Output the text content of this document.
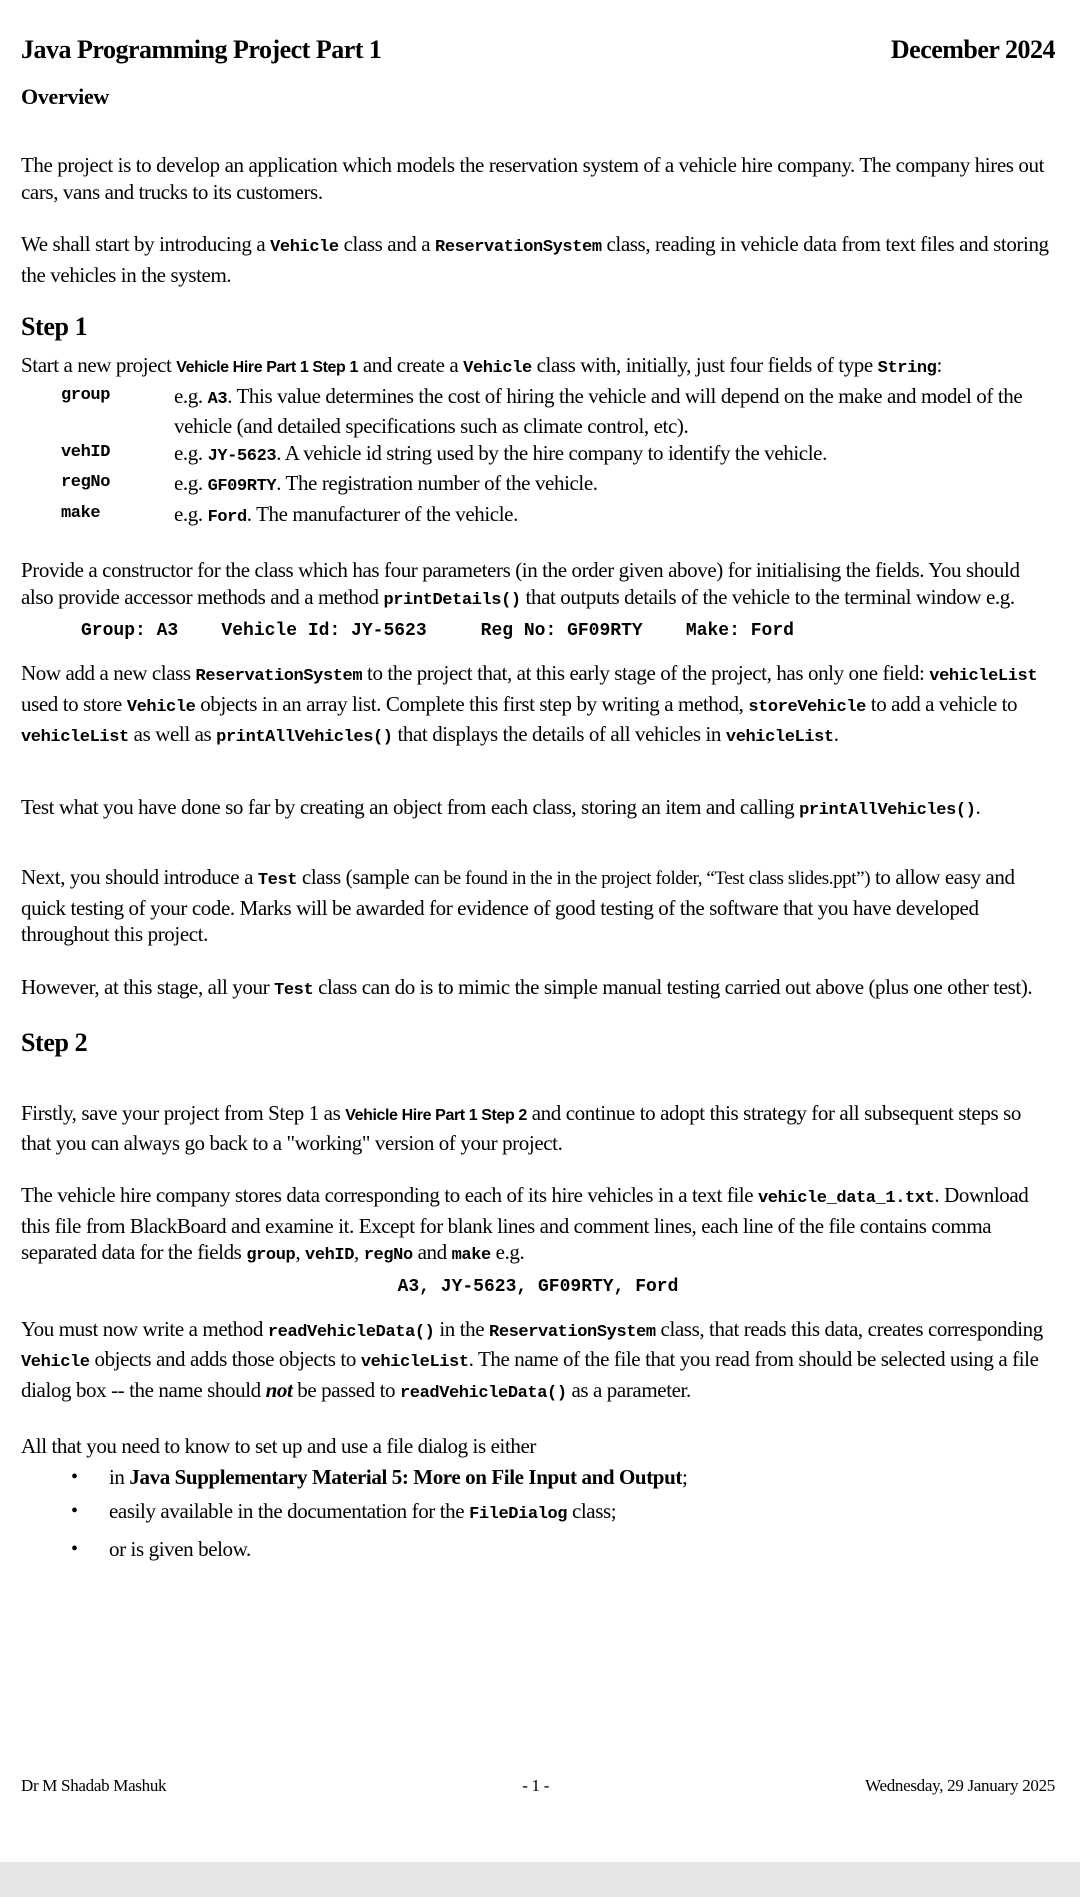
Java Programming Project Part 1	December 2024
Overview

The project is to develop an application which models the reservation system of a vehicle hire company. The company hires out cars, vans and trucks to its customers.

We shall start by introducing a Vehicle class and a ReservationSystem class, reading in vehicle data from text files and storing the vehicles in the system.

Step 1

Start a new project Vehicle Hire Part 1 Step 1 and create a Vehicle class with, initially, just four fields of type String:

group	e.g. A3. This value determines the cost of hiring the vehicle and will depend on the make and model of the vehicle (and detailed specifications such as climate control, etc).
vehID	e.g. JY-5623. A vehicle id string used by the hire company to identify the vehicle.
regNo	e.g. GF09RTY. The registration number of the vehicle.
make	e.g. Ford. The manufacturer of the vehicle.

Provide a constructor for the class which has four parameters (in the order given above) for initialising the fields. You should also provide accessor methods and a method printDetails() that outputs details of the vehicle to the terminal window e.g.

Group: A3    Vehicle Id: JY-5623     Reg No: GF09RTY    Make: Ford

Now add a new class ReservationSystem to the project that, at this early stage of the project, has only one field: vehicleList used to store Vehicle objects in an array list. Complete this first step by writing a method, storeVehicle to add a vehicle to vehicleList as well as printAllVehicles() that displays the details of all vehicles in vehicleList.

Test what you have done so far by creating an object from each class, storing an item and calling printAllVehicles().

Next, you should introduce a Test class (sample can be found in the in the project folder, “Test class slides.ppt”) to allow easy and quick testing of your code. Marks will be awarded for evidence of good testing of the software that you have developed throughout this project.

However, at this stage, all your Test class can do is to mimic the simple manual testing carried out above (plus one other test).

Step 2

Firstly, save your project from Step 1 as Vehicle Hire Part 1 Step 2 and continue to adopt this strategy for all subsequent steps so that you can always go back to a "working" version of your project.

The vehicle hire company stores data corresponding to each of its hire vehicles in a text file vehicle_data_1.txt. Download this file from BlackBoard and examine it. Except for blank lines and comment lines, each line of the file contains comma separated data for the fields group, vehID, regNo and make e.g.

A3, JY-5623, GF09RTY, Ford

You must now write a method readVehicleData() in the ReservationSystem class, that reads this data, creates corresponding Vehicle objects and adds those objects to vehicleList. The name of the file that you read from should be selected using a file dialog box -- the name should not be passed to readVehicleData() as a parameter.

All that you need to know to set up and use a file dialog is either

• in Java Supplementary Material 5: More on File Input and Output;
• easily available in the documentation for the FileDialog class;
• or is given below.
Dr M Shadab Mashuk	- 1 -	Wednesday, 29 January 2025
